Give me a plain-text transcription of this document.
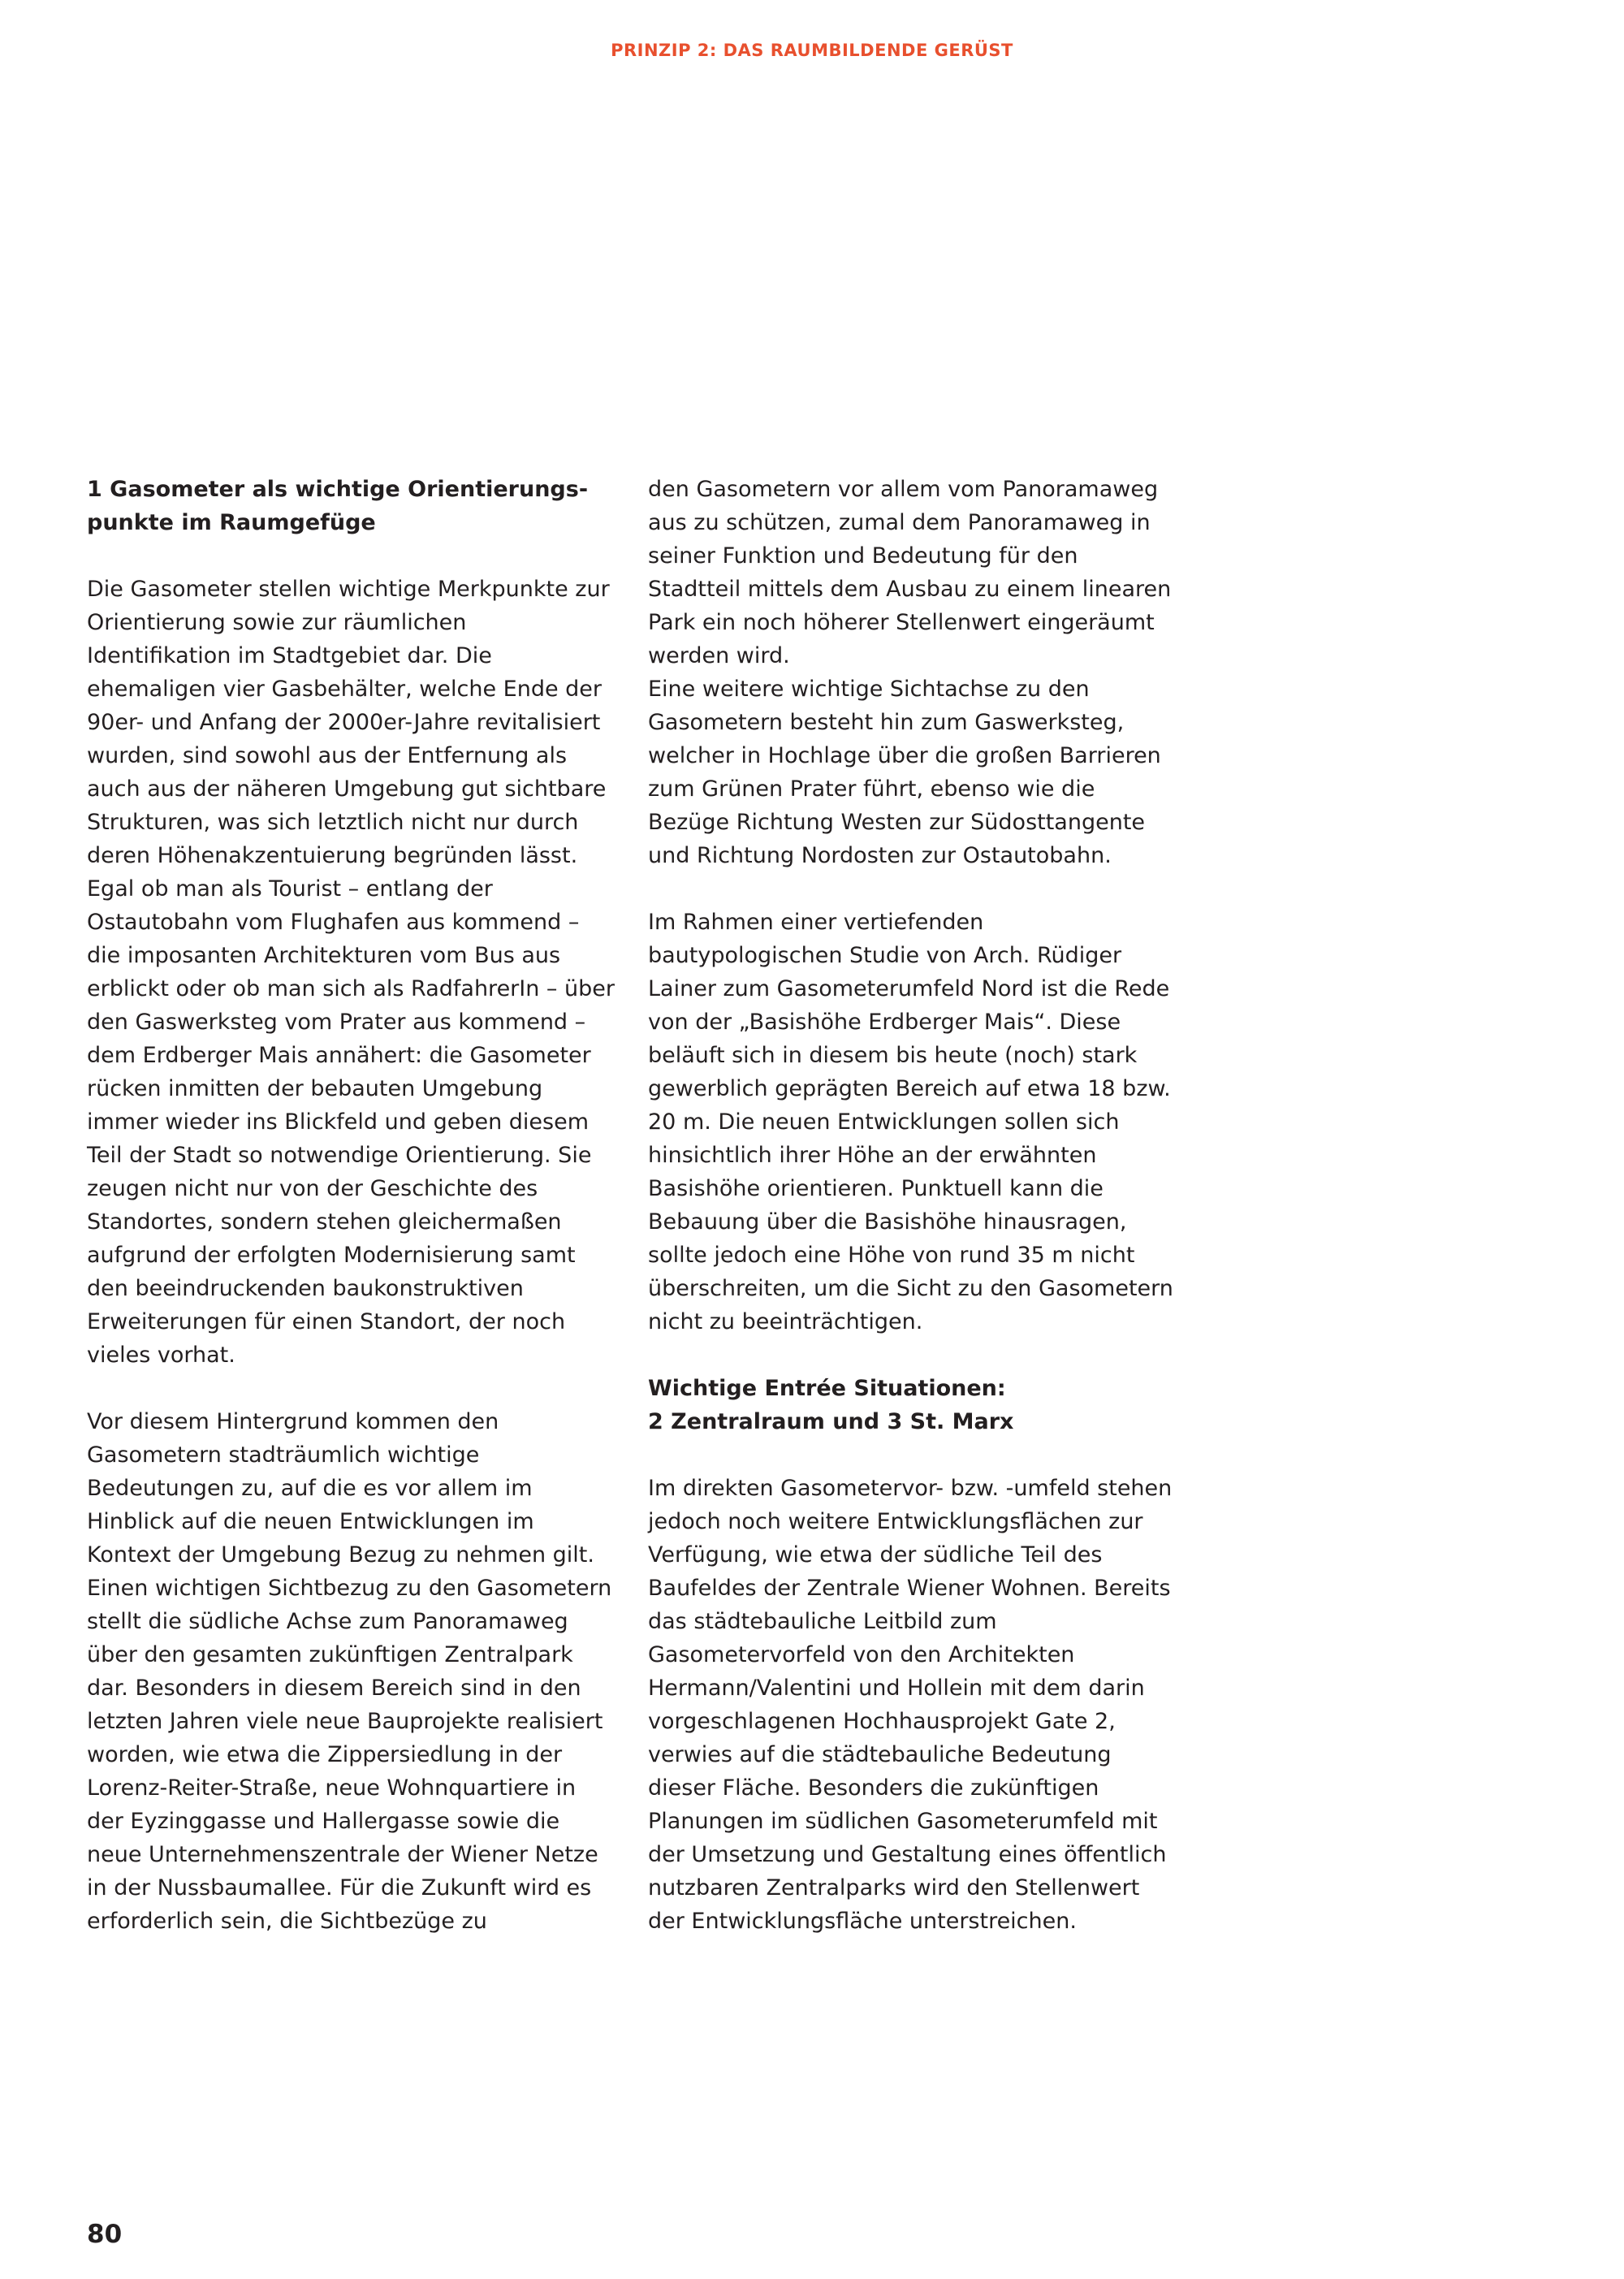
PRINZIP 2: DAS RAUMBILDENDE GERÜST
1 Gasometer als wichtige Orientierungs-
punkte im Raumgefüge

Die Gasometer stellen wichtige Merkpunkte zur Orientierung sowie zur räumlichen Identifikation im Stadtgebiet dar. Die ehemaligen vier Gasbehälter, welche Ende der 90er- und Anfang der 2000er-Jahre revitalisiert wurden, sind sowohl aus der Entfernung als auch aus der näheren Umgebung gut sichtbare Strukturen, was sich letztlich nicht nur durch deren Höhenakzentuierung begründen lässt. Egal ob man als Tourist – entlang der Ostautobahn vom Flughafen aus kommend – die imposanten Architekturen vom Bus aus erblickt oder ob man sich als RadfahrerIn – über den Gaswerksteg vom Prater aus kommend – dem Erdberger Mais annähert: die Gasometer rücken inmitten der bebauten Umgebung immer wieder ins Blickfeld und geben diesem Teil der Stadt so notwendige Orientierung. Sie zeugen nicht nur von der Geschichte des Standortes, sondern stehen gleichermaßen aufgrund der erfolgten Modernisierung samt den beeindruckenden baukonstruktiven Erweiterungen für einen Standort, der noch vieles vorhat.

Vor diesem Hintergrund kommen den Gasometern stadträumlich wichtige Bedeutungen zu, auf die es vor allem im Hinblick auf die neuen Entwicklungen im Kontext der Umgebung Bezug zu nehmen gilt. Einen wichtigen Sichtbezug zu den Gasometern stellt die südliche Achse zum Panoramaweg über den gesamten zukünftigen Zentralpark dar. Besonders in diesem Bereich sind in den letzten Jahren viele neue Bauprojekte realisiert worden, wie etwa die Zippersiedlung in der Lorenz-Reiter-Straße, neue Wohnquartiere in der Eyzinggasse und Hallergasse sowie die neue Unternehmenszentrale der Wiener Netze in der Nussbaumallee. Für die Zukunft wird es erforderlich sein, die Sichtbezüge zu

den Gasometern vor allem vom Panoramaweg aus zu schützen, zumal dem Panoramaweg in seiner Funktion und Bedeutung für den Stadtteil mittels dem Ausbau zu einem linearen Park ein noch höherer Stellenwert eingeräumt werden wird.

Eine weitere wichtige Sichtachse zu den Gasometern besteht hin zum Gaswerksteg, welcher in Hochlage über die großen Barrieren zum Grünen Prater führt, ebenso wie die Bezüge Richtung Westen zur Südosttangente und Richtung Nordosten zur Ostautobahn.

Im Rahmen einer vertiefenden bautypologischen Studie von Arch. Rüdiger Lainer zum Gasometerumfeld Nord ist die Rede von der „Basishöhe Erdberger Mais“. Diese beläuft sich in diesem bis heute (noch) stark gewerblich geprägten Bereich auf etwa 18 bzw. 20 m. Die neuen Entwicklungen sollen sich hinsichtlich ihrer Höhe an der erwähnten Basishöhe orientieren. Punktuell kann die Bebauung über die Basishöhe hinausragen, sollte jedoch eine Höhe von rund 35 m nicht überschreiten, um die Sicht zu den Gasometern nicht zu beeinträchtigen.

Wichtige Entrée Situationen:
2 Zentralraum und 3 St. Marx

Im direkten Gasometervor- bzw. -umfeld stehen jedoch noch weitere Entwicklungsflächen zur Verfügung, wie etwa der südliche Teil des Baufeldes der Zentrale Wiener Wohnen. Bereits das städtebauliche Leitbild zum Gasometervorfeld von den Architekten Hermann/Valentini und Hollein mit dem darin vorgeschlagenen Hochhausprojekt Gate 2, verwies auf die städtebauliche Bedeutung dieser Fläche. Besonders die zukünftigen Planungen im südlichen Gasometerumfeld mit der Umsetzung und Gestaltung eines öffentlich nutzbaren Zentralparks wird den Stellenwert der Entwicklungsfläche unterstreichen.

80
